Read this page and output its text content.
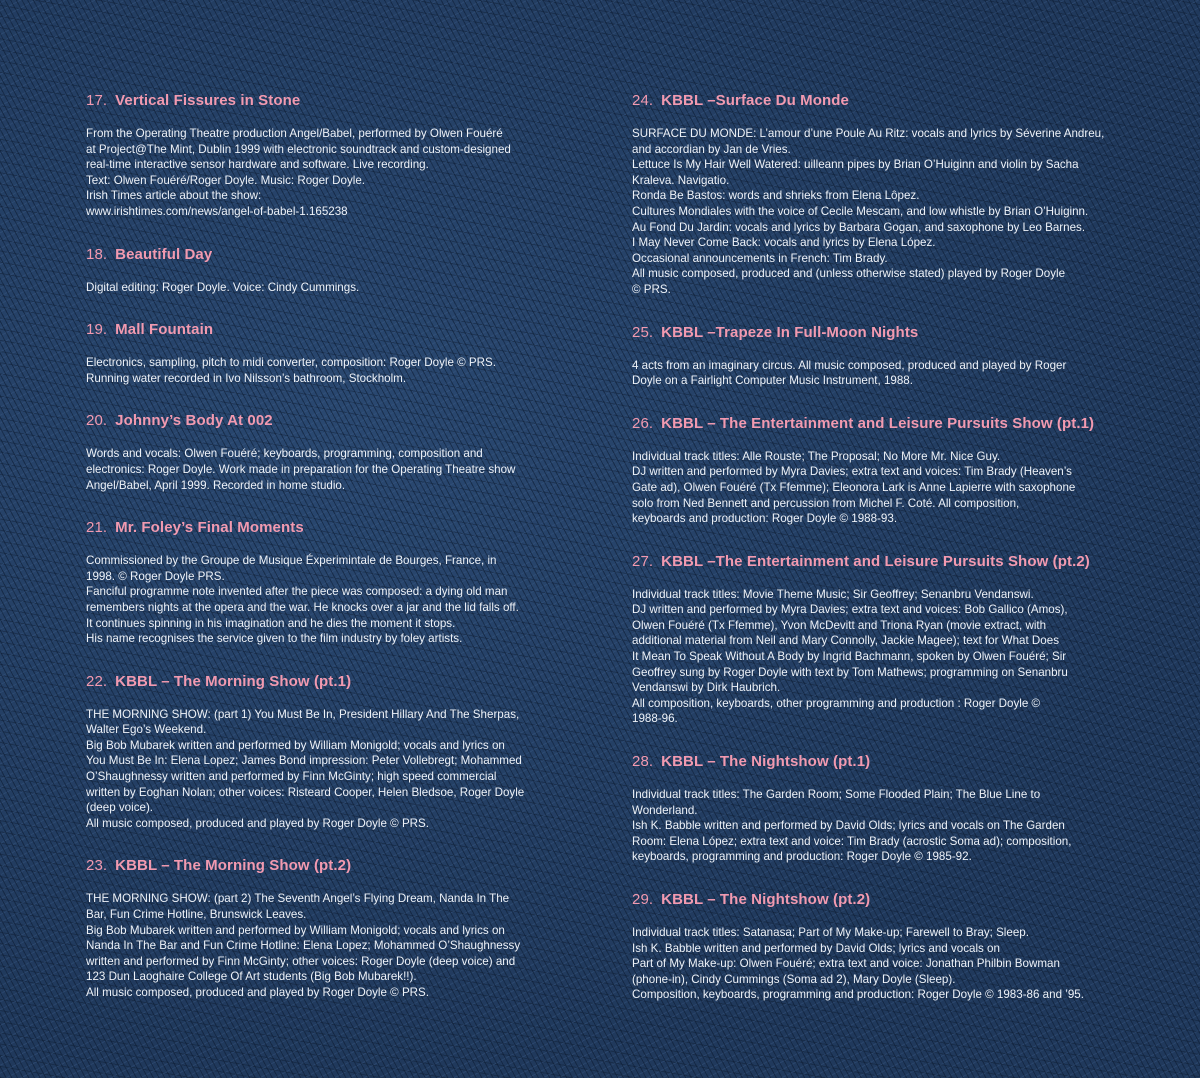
17. Vertical Fissures in Stone
From the Operating Theatre production Angel/Babel, performed by Olwen Fouéré
at Project@The Mint, Dublin 1999 with electronic soundtrack and custom-designed
real-time interactive sensor hardware and software. Live recording.
Text: Olwen Fouéré/Roger Doyle. Music: Roger Doyle.
Irish Times article about the show:
www.irishtimes.com/news/angel-of-babel-1.165238
18. Beautiful Day
Digital editing: Roger Doyle. Voice: Cindy Cummings.
19. Mall Fountain
Electronics, sampling, pitch to midi converter, composition: Roger Doyle © PRS.
Running water recorded in Ivo Nilsson’s bathroom, Stockholm.
20. Johnny’s Body At 002
Words and vocals: Olwen Fouéré; keyboards, programming, composition and
electronics: Roger Doyle. Work made in preparation for the Operating Theatre show
Angel/Babel, April 1999. Recorded in home studio.
21. Mr. Foley’s Final Moments
Commissioned by the Groupe de Musique Éxperimintale de Bourges, France, in
1998. © Roger Doyle PRS.
Fanciful programme note invented after the piece was composed: a dying old man
remembers nights at the opera and the war. He knocks over a jar and the lid falls off.
It continues spinning in his imagination and he dies the moment it stops.
His name recognises the service given to the film industry by foley artists.
22. KBBL – The Morning Show (pt.1)
THE MORNING SHOW: (part 1) You Must Be In, President Hillary And The Sherpas,
Walter Ego’s Weekend.
Big Bob Mubarek written and performed by William Monigold; vocals and lyrics on
You Must Be In: Elena Lopez; James Bond impression: Peter Vollebregt; Mohammed
O’Shaughnessy written and performed by Finn McGinty; high speed commercial
written by Eoghan Nolan; other voices: Risteard Cooper, Helen Bledsoe, Roger Doyle
(deep voice).
All music composed, produced and played by Roger Doyle © PRS.
23. KBBL – The Morning Show (pt.2)
THE MORNING SHOW: (part 2) The Seventh Angel’s Flying Dream, Nanda In The
Bar, Fun Crime Hotline, Brunswick Leaves.
Big Bob Mubarek written and performed by William Monigold; vocals and lyrics on
Nanda In The Bar and Fun Crime Hotline: Elena Lopez; Mohammed O’Shaughnessy
written and performed by Finn McGinty; other voices: Roger Doyle (deep voice) and
123 Dun Laoghaire College Of Art students (Big Bob Mubarek!!).
All music composed, produced and played by Roger Doyle © PRS.
24. KBBL –Surface Du Monde
SURFACE DU MONDE: L’amour d’une Poule Au Ritz: vocals and lyrics by Séverine Andreu,
and accordian by Jan de Vries.
Lettuce Is My Hair Well Watered: uilleann pipes by Brian O’Huiginn and violin by Sacha
Kraleva. Navigatio.
Ronda Be Bastos: words and shrieks from Elena Lôpez.
Cultures Mondiales with the voice of Cecile Mescam, and low whistle by Brian O’Huiginn.
Au Fond Du Jardin: vocals and lyrics by Barbara Gogan, and saxophone by Leo Barnes.
I May Never Come Back: vocals and lyrics by Elena López.
Occasional announcements in French: Tim Brady.
All music composed, produced and (unless otherwise stated) played by Roger Doyle
© PRS.
25. KBBL –Trapeze In Full-Moon Nights
4 acts from an imaginary circus. All music composed, produced and played by Roger
Doyle on a Fairlight Computer Music Instrument, 1988.
26. KBBL – The Entertainment and Leisure Pursuits Show (pt.1)
Individual track titles: Alle Rouste; The Proposal; No More Mr. Nice Guy.
DJ written and performed by Myra Davies; extra text and voices: Tim Brady (Heaven’s
Gate ad), Olwen Fouéré (Tx Ffemme); Eleonora Lark is Anne Lapierre with saxophone
solo from Ned Bennett and percussion from Michel F. Coté. All composition,
keyboards and production: Roger Doyle © 1988-93.
27. KBBL –The Entertainment and Leisure Pursuits Show (pt.2)
Individual track titles: Movie Theme Music; Sir Geoffrey; Senanbru Vendanswi.
DJ written and performed by Myra Davies; extra text and voices: Bob Gallico (Amos),
Olwen Fouéré (Tx Ffemme), Yvon McDevitt and Triona Ryan (movie extract, with
additional material from Neil and Mary Connolly, Jackie Magee); text for What Does
It Mean To Speak Without A Body by Ingrid Bachmann, spoken by Olwen Fouéré; Sir
Geoffrey sung by Roger Doyle with text by Tom Mathews; programming on Senanbru
Vendanswi by Dirk Haubrich.
All composition, keyboards, other programming and production : Roger Doyle ©
1988-96.
28. KBBL – The Nightshow (pt.1)
Individual track titles: The Garden Room; Some Flooded Plain; The Blue Line to
Wonderland.
Ish K. Babble written and performed by David Olds; lyrics and vocals on The Garden
Room: Elena López; extra text and voice: Tim Brady (acrostic Soma ad); composition,
keyboards, programming and production: Roger Doyle © 1985-92.
29. KBBL – The Nightshow (pt.2)
Individual track titles: Satanasa; Part of My Make-up; Farewell to Bray; Sleep.
Ish K. Babble written and performed by David Olds; lyrics and vocals on
Part of My Make-up: Olwen Fouéré; extra text and voice: Jonathan Philbin Bowman
(phone-in), Cindy Cummings (Soma ad 2), Mary Doyle (Sleep).
Composition, keyboards, programming and production: Roger Doyle © 1983-86 and ’95.
